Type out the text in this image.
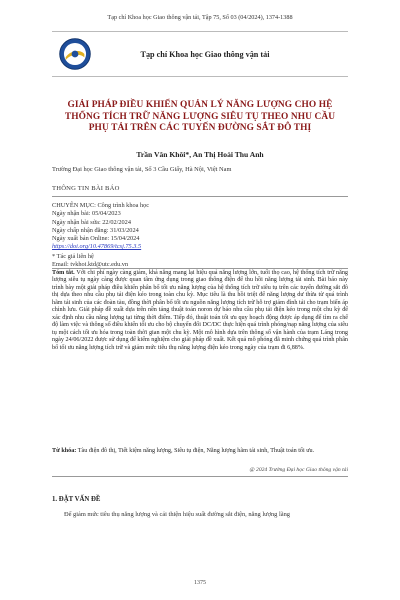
Tạp chí Khoa học Giao thông vận tải, Tập 75, Số 03 (04/2024), 1374-1388
Tạp chí Khoa học Giao thông vận tải
GIẢI PHÁP ĐIỀU KHIỂN QUẢN LÝ NĂNG LƯỢNG CHO HỆ
THỐNG TÍCH TRỮ NĂNG LƯỢNG SIÊU TỤ THEO NHU CẦU
PHỤ TẢI TRÊN CÁC TUYẾN ĐƯỜNG SẮT ĐÔ THỊ
Trần Văn Khôi*, An Thị Hoài Thu Anh
Trường Đại học Giao thông vận tải, Số 3 Cầu Giấy, Hà Nội, Việt Nam
THÔNG TIN BÀI BÁO
CHUYÊN MỤC: Công trình khoa học
Ngày nhận bài: 05/04/2023
Ngày nhận bài sửa: 22/02/2024
Ngày chấp nhận đăng: 31/03/2024
Ngày xuất bản Online: 15/04/2024
https://doi.org/10.47869/tcsj.75.3.5
* Tác giả liên hệ
Email: tvkhoi.ktd@utc.edu.vn
Tóm tắt. Với chi phí ngày càng giảm, khả năng mang lại hiệu quả năng lượng lớn, tuổi thọ cao, hệ thống tích trữ năng lượng siêu tụ ngày càng được quan tâm ứng dụng trong giao thông điện để thu hồi năng lượng tái sinh. Bài báo này trình bày một giải pháp điều khiển phân bổ tối ưu năng lượng của hệ thống tích trữ siêu tụ trên các tuyến đường sắt đô thị dựa theo nhu cầu phụ tải điện kéo trong toàn chu kỳ. Mục tiêu là thu hồi triệt để năng lượng dư thừa từ quá trình hãm tái sinh của các đoàn tàu, đồng thời phân bổ tối ưu nguồn năng lượng tích trữ hỗ trợ giảm đỉnh tải cho trạm biến áp chỉnh lưu. Giải pháp đề xuất dựa trên nền tảng thuật toán noron dự báo nhu cầu phụ tải điện kéo trong một chu kỳ để xác định nhu cầu năng lượng tại từng thời điểm. Tiếp đó, thuật toán tối ưu quy hoạch động được áp dụng để tìm ra chế độ làm việc và thông số điều khiển tối ưu cho bộ chuyển đổi DC/DC thực hiện quá trình phóng/nạp năng lượng của siêu tụ một cách tối ưu hóa trong toàn thời gian một chu kỳ. Một mô hình dựa trên thông số vận hành của trạm Láng trong ngày 24/06/2022 được sử dụng để kiểm nghiệm cho giải pháp đề xuất. Kết quả mô phỏng đã minh chứng quá trình phân bổ tối ưu năng lượng tích trữ và giảm mức tiêu thụ năng lượng điện kéo trong ngày của trạm đi 6,88%.
Từ khóa: Tàu điện đô thị, Tiết kiệm năng lượng, Siêu tụ điện, Năng lượng hãm tái sinh, Thuật toán tối ưu.
@ 2024 Trường Đại học Giao thông vận tải
1. ĐẶT VẤN ĐỀ
Để giảm mức tiêu thụ năng lượng và cải thiện hiệu suất đường sắt điện, năng lượng lãng
1375
